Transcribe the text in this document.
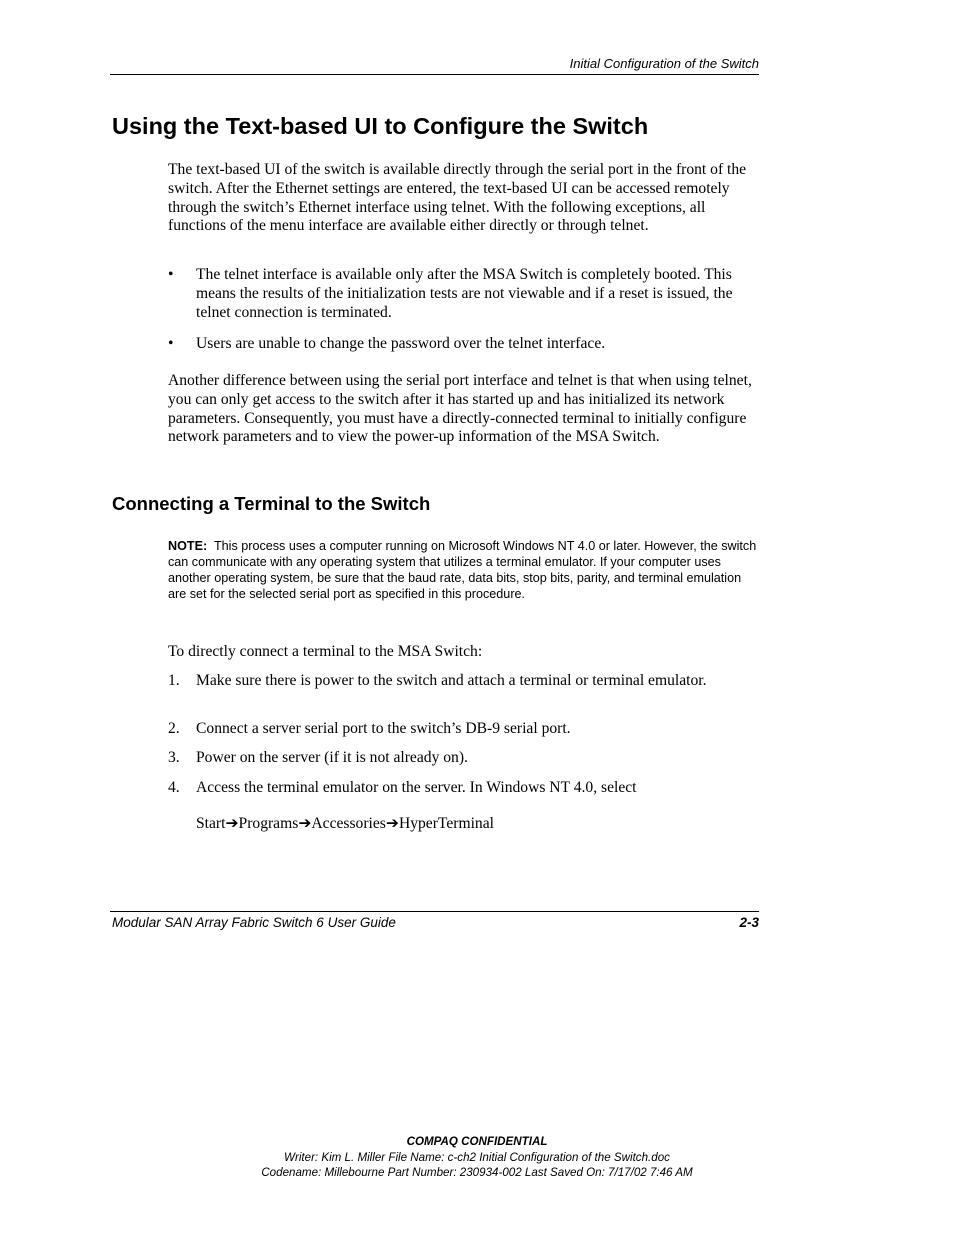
Initial Configuration of the Switch
Using the Text-based UI to Configure the Switch

The text-based UI of the switch is available directly through the serial port in the front of the switch. After the Ethernet settings are entered, the text-based UI can be accessed remotely through the switch’s Ethernet interface using telnet. With the following exceptions, all functions of the menu interface are available either directly or through telnet.

•	The telnet interface is available only after the MSA Switch is completely booted. This means the results of the initialization tests are not viewable and if a reset is issued, the telnet connection is terminated.
•	Users are unable to change the password over the telnet interface.

Another difference between using the serial port interface and telnet is that when using telnet, you can only get access to the switch after it has started up and has initialized its network parameters. Consequently, you must have a directly-connected terminal to initially configure network parameters and to view the power-up information of the MSA Switch.

Connecting a Terminal to the Switch

NOTE: This process uses a computer running on Microsoft Windows NT 4.0 or later. However, the switch can communicate with any operating system that utilizes a terminal emulator. If your computer uses another operating system, be sure that the baud rate, data bits, stop bits, parity, and terminal emulation are set for the selected serial port as specified in this procedure.

To directly connect a terminal to the MSA Switch:

1.	Make sure there is power to the switch and attach a terminal or terminal emulator.
2.	Connect a server serial port to the switch’s DB-9 serial port.
3.	Power on the server (if it is not already on).
4.	Access the terminal emulator on the server. In Windows NT 4.0, select
Start➔Programs➔Accessories➔HyperTerminal
Modular SAN Array Fabric Switch 6 User Guide	2-3
COMPAQ CONFIDENTIAL
Writer: Kim L. Miller File Name: c-ch2 Initial Configuration of the Switch.doc
Codename: Millebourne Part Number: 230934-002 Last Saved On: 7/17/02 7:46 AM
